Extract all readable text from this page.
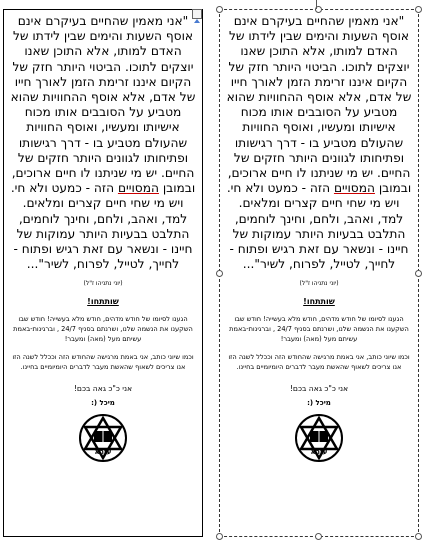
"אני מאמין שהחיים בעיקרם אינם אוסף השעות והימים שבין לידתו של האדם למותו, אלא התוכן שאנו יוצקים לתוכו. הביטוי היותר חזק של הקיום איננו זרימת הזמן לאורך חייו של אדם, אלא אוסף ההחוויות שהוא מטביע על הסובבים אותו מכוח אישיותו ומעשיו, ואוסף החוויות שהעולם מטביע בו - דרך רגישותו ופתיחותו לגוונים היותר חזקים של החיים. יש מי שניתנו לו חיים ארוכים, ובמובן המסויים הזה - כמעט ולא חי. ויש מי שחי חיים קצרים ומלאים. למד, ואהב, ולחם, וחינך לוחמים, התלבט בבעיות היותר עמוקות של חיינו - ונשאר עם זאת רגיש ופתוח - לחייך, לטייל, לפרוח, לשיר"...

(יוני נתניהו ז"ל)
שותתחו!

הגענו לסיומו של חודש מדהים, חודש מלא בעשייה! חודש שבו השקענו את הנשמה שלנו, ושרנתם בסניף 24/7 , וברגינות-באמת עשיתם מעל (מאה) ומעבר!

וכמו שיוני כותב, אני באמת מרגישה שהחודש הזה וככלל לשנה הזו אנו צריכים לשאוף שהאשת מעבר לדברים היומיומיים בחיינו.

אני כ"כ גאה בכם!
מיכל (:
עזרא

"אני מאמין שהחיים בעיקרם אינם אוסף השעות והימים שבין לידתו של האדם למותו, אלא התוכן שאנו יוצקים לתוכו. הביטוי היותר חזק של הקיום איננו זרימת הזמן לאורך חייו של אדם, אלא אוסף ההחוויות שהוא מטביע על הסובבים אותו מכוח אישיותו ומעשיו, ואוסף החוויות שהעולם מטביע בו - דרך רגישותו ופתיחותו לגוונים היותר חזקים של החיים. יש מי שניתנו לו חיים ארוכים, ובמובן המסויים הזה - כמעט ולא חי. ויש מי שחי חיים קצרים ומלאים. למד, ואהב, ולחם, וחינך לוחמים, התלבט בבעיות היותר עמוקות של חיינו - ונשאר עם זאת רגיש ופתוח - לחייך, לטייל, לפרוח, לשיר"...

(יוני נתניהו ז"ל)
שותתחו!

הגענו לסיומו של חודש מדהים, חודש מלא בעשייה! חודש שבו השקענו את הנשמה שלנו, ושרנתם בסניף 24/7 , וברגינות-באמת עשיתם מעל (מאה) ומעבר!

וכמו שיוני כותב, אני באמת מרגישה שהחודש הזה וככלל לשנה הזו אנו צריכים לשאוף שהאשת מעבר לדברים היומיומיים בחיינו.

אני כ"כ גאה בכם!
מיכל (:
עזרא
